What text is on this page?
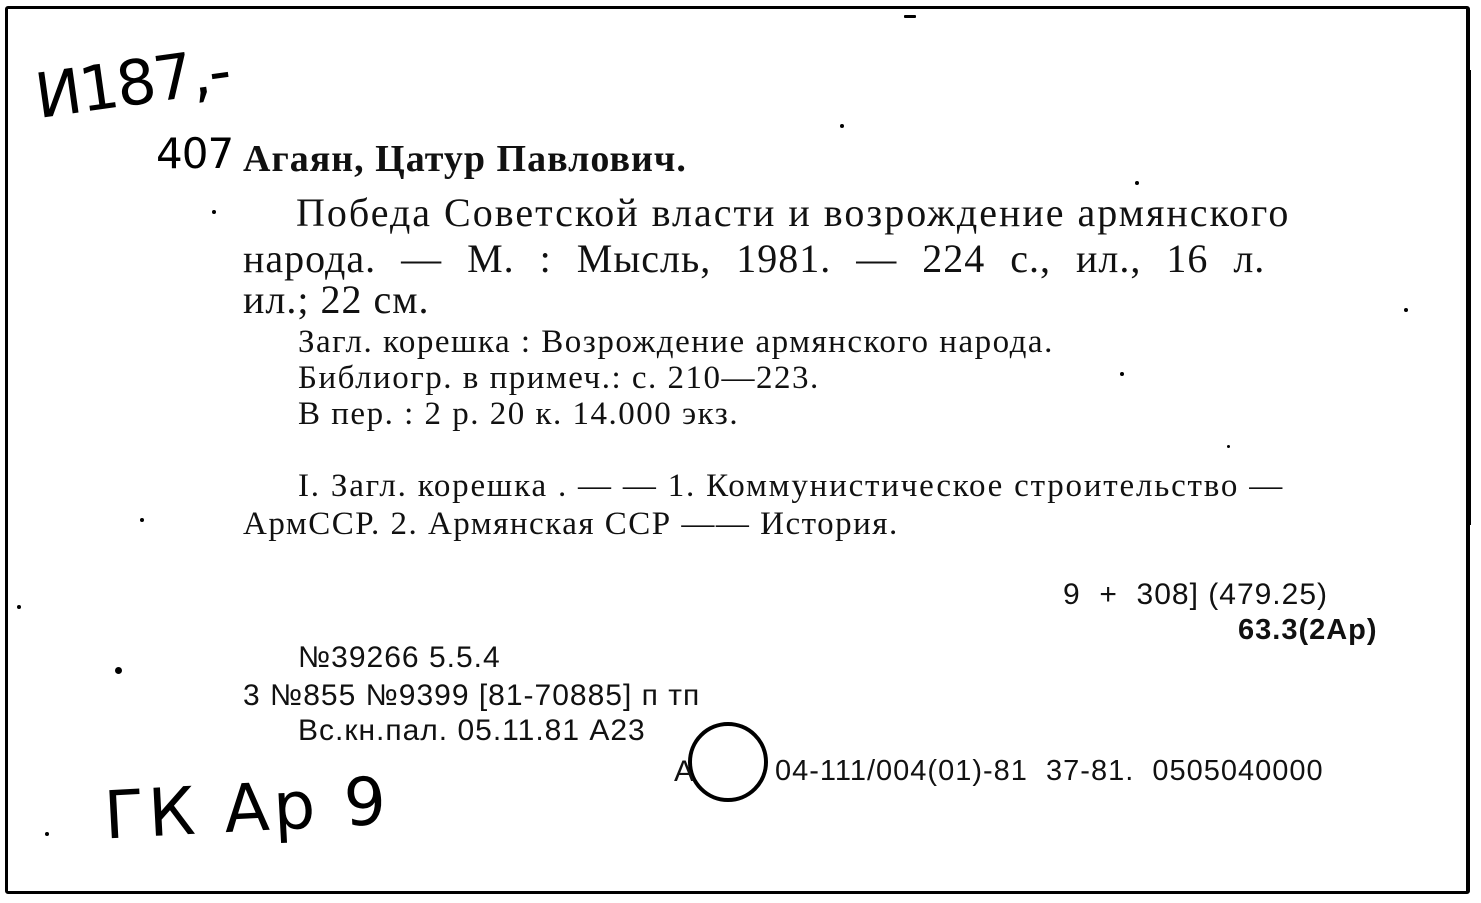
И187,-
407
ГК Ар 9
Агаян, Цатур Павлович.
Победа Советской власти и возрождение армянского
народа. — М. : Мысль, 1981. — 224 с., ил., 16 л.
ил.; 22 см.
Загл. корешка : Возрождение армянского народа.
Библиогр. в примеч.: с. 210—223.
В пер. : 2 р. 20 к. 14.000 экз.
I. Загл. корешка . — — 1. Коммунистическое строительство —
АрмССР. 2. Армянская ССР —— История.
9  +  308] (479.25)
63.3(2Ар)
№39266 5.5.4
3 №855 №9399 [81-70885] п тп
Вс.кн.пал. 05.11.81 А23
А	04-111/004(01)-81  37-81.  0505040000
